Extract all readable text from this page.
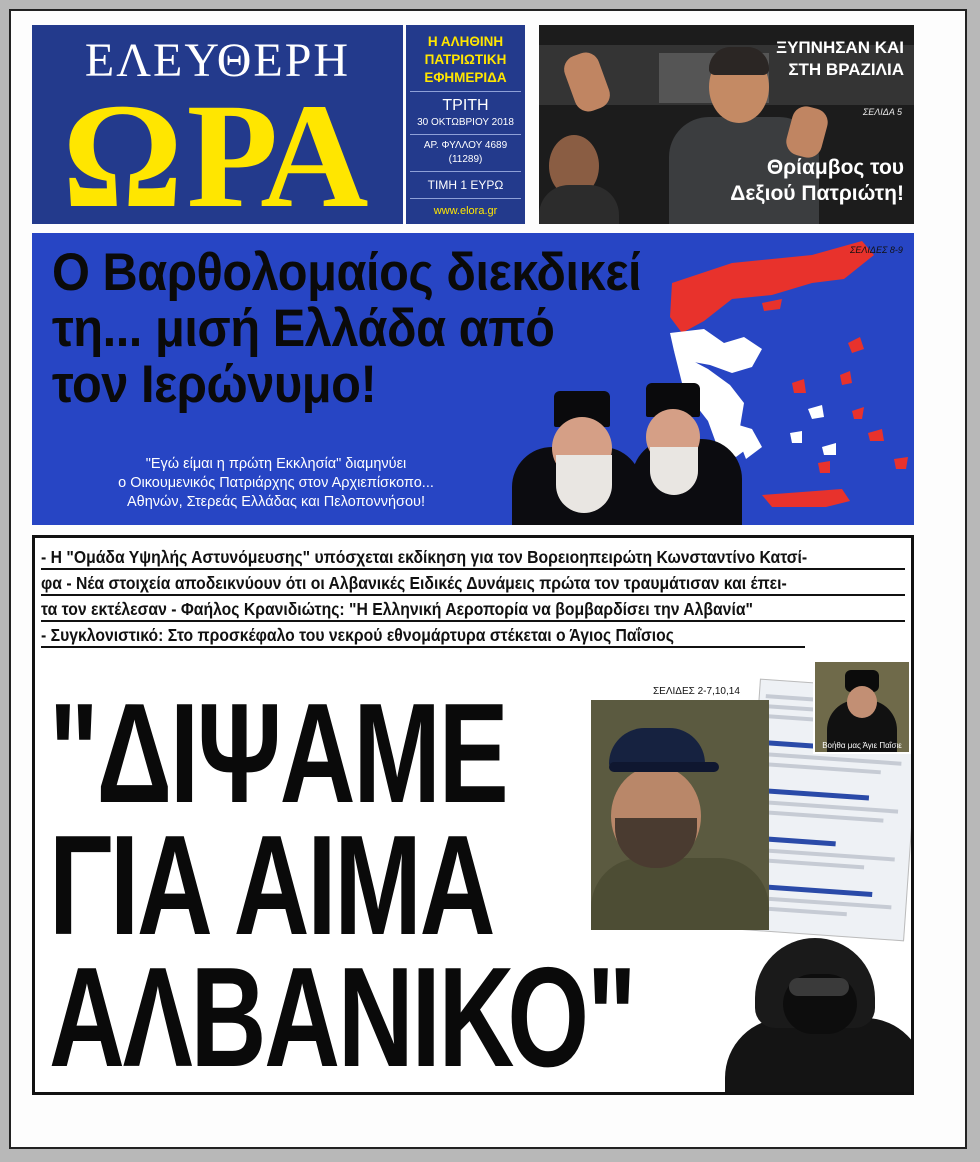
ΕΛΕΥΘΕΡΗ
ΩΡΑ
Η ΑΛΗΘΙΝΗ
ΠΑΤΡΙΩΤΙΚΗ
ΕΦΗΜΕΡΙΔΑ
ΤΡΙΤΗ
30 ΟΚΤΩΒΡΙΟΥ 2018
ΑΡ. ΦΥΛΛΟΥ 4689 (11289)
ΤΙΜΗ 1 ΕΥΡΩ
www.elora.gr
ΞΥΠΝΗΣΑΝ ΚΑΙ
ΣΤΗ ΒΡΑΖΙΛΙΑ
ΣΕΛΙΔΑ 5
Θρίαμβος του
Δεξιού Πατριώτη!
Ο Βαρθολομαίος διεκδικεί
τη... μισή Ελλάδα από
τον Ιερώνυμο!
ΣΕΛΙΔΕΣ 8-9
"Εγώ είμαι η πρώτη Εκκλησία" διαμηνύει
ο Οικουμενικός Πατριάρχης στον Αρχιεπίσκοπο...
Αθηνών, Στερεάς Ελλάδας και Πελοποννήσου!
- Η "Ομάδα Υψηλής Αστυνόμευσης" υπόσχεται εκδίκηση για τον Βορειοηπειρώτη Κωνσταντίνο Κατσί-
φα - Νέα στοιχεία αποδεικνύουν ότι οι Αλβανικές Ειδικές Δυνάμεις πρώτα τον τραυμάτισαν και έπει-
τα τον εκτέλεσαν - Φαήλος Κρανιδιώτης: "Η Ελληνική Αεροπορία να βομβαρδίσει την Αλβανία"
- Συγκλονιστικό: Στο προσκέφαλο του νεκρού εθνομάρτυρα στέκεται ο Άγιος Παΐσιος
Βοήθα μας Άγιε Παΐσιε
ΣΕΛΙΔΕΣ 2-7,10,14
"ΔΙΨΑΜΕ
ΓΙΑ ΑΙΜΑ
ΑΛΒΑΝΙΚΟ"
